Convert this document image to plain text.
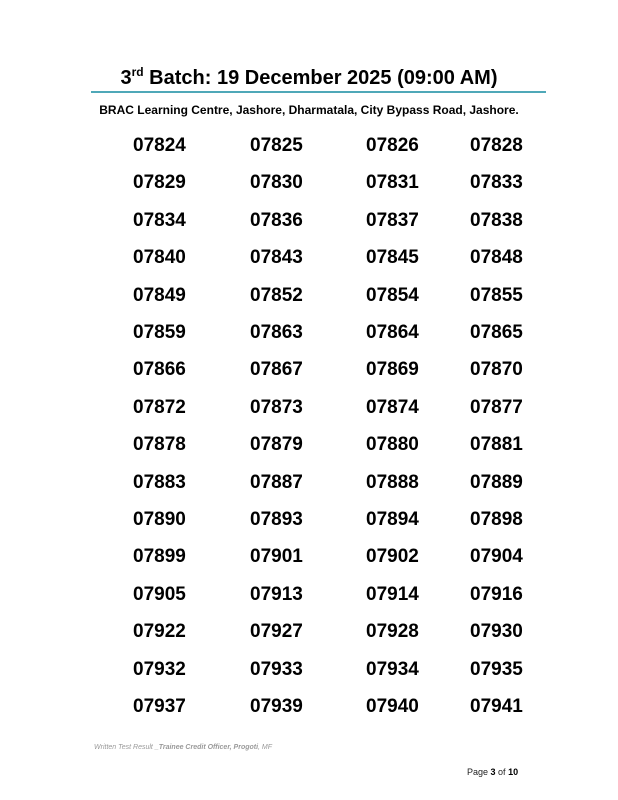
3rd Batch: 19 December 2025 (09:00 AM)
BRAC Learning Centre, Jashore, Dharmatala, City Bypass Road, Jashore.
07824	07825	07826	07828
07829	07830	07831	07833
07834	07836	07837	07838
07840	07843	07845	07848
07849	07852	07854	07855
07859	07863	07864	07865
07866	07867	07869	07870
07872	07873	07874	07877
07878	07879	07880	07881
07883	07887	07888	07889
07890	07893	07894	07898
07899	07901	07902	07904
07905	07913	07914	07916
07922	07927	07928	07930
07932	07933	07934	07935
07937	07939	07940	07941
Written Test Result _Trainee Credit Officer, Progoti, MF
Page 3 of 10
